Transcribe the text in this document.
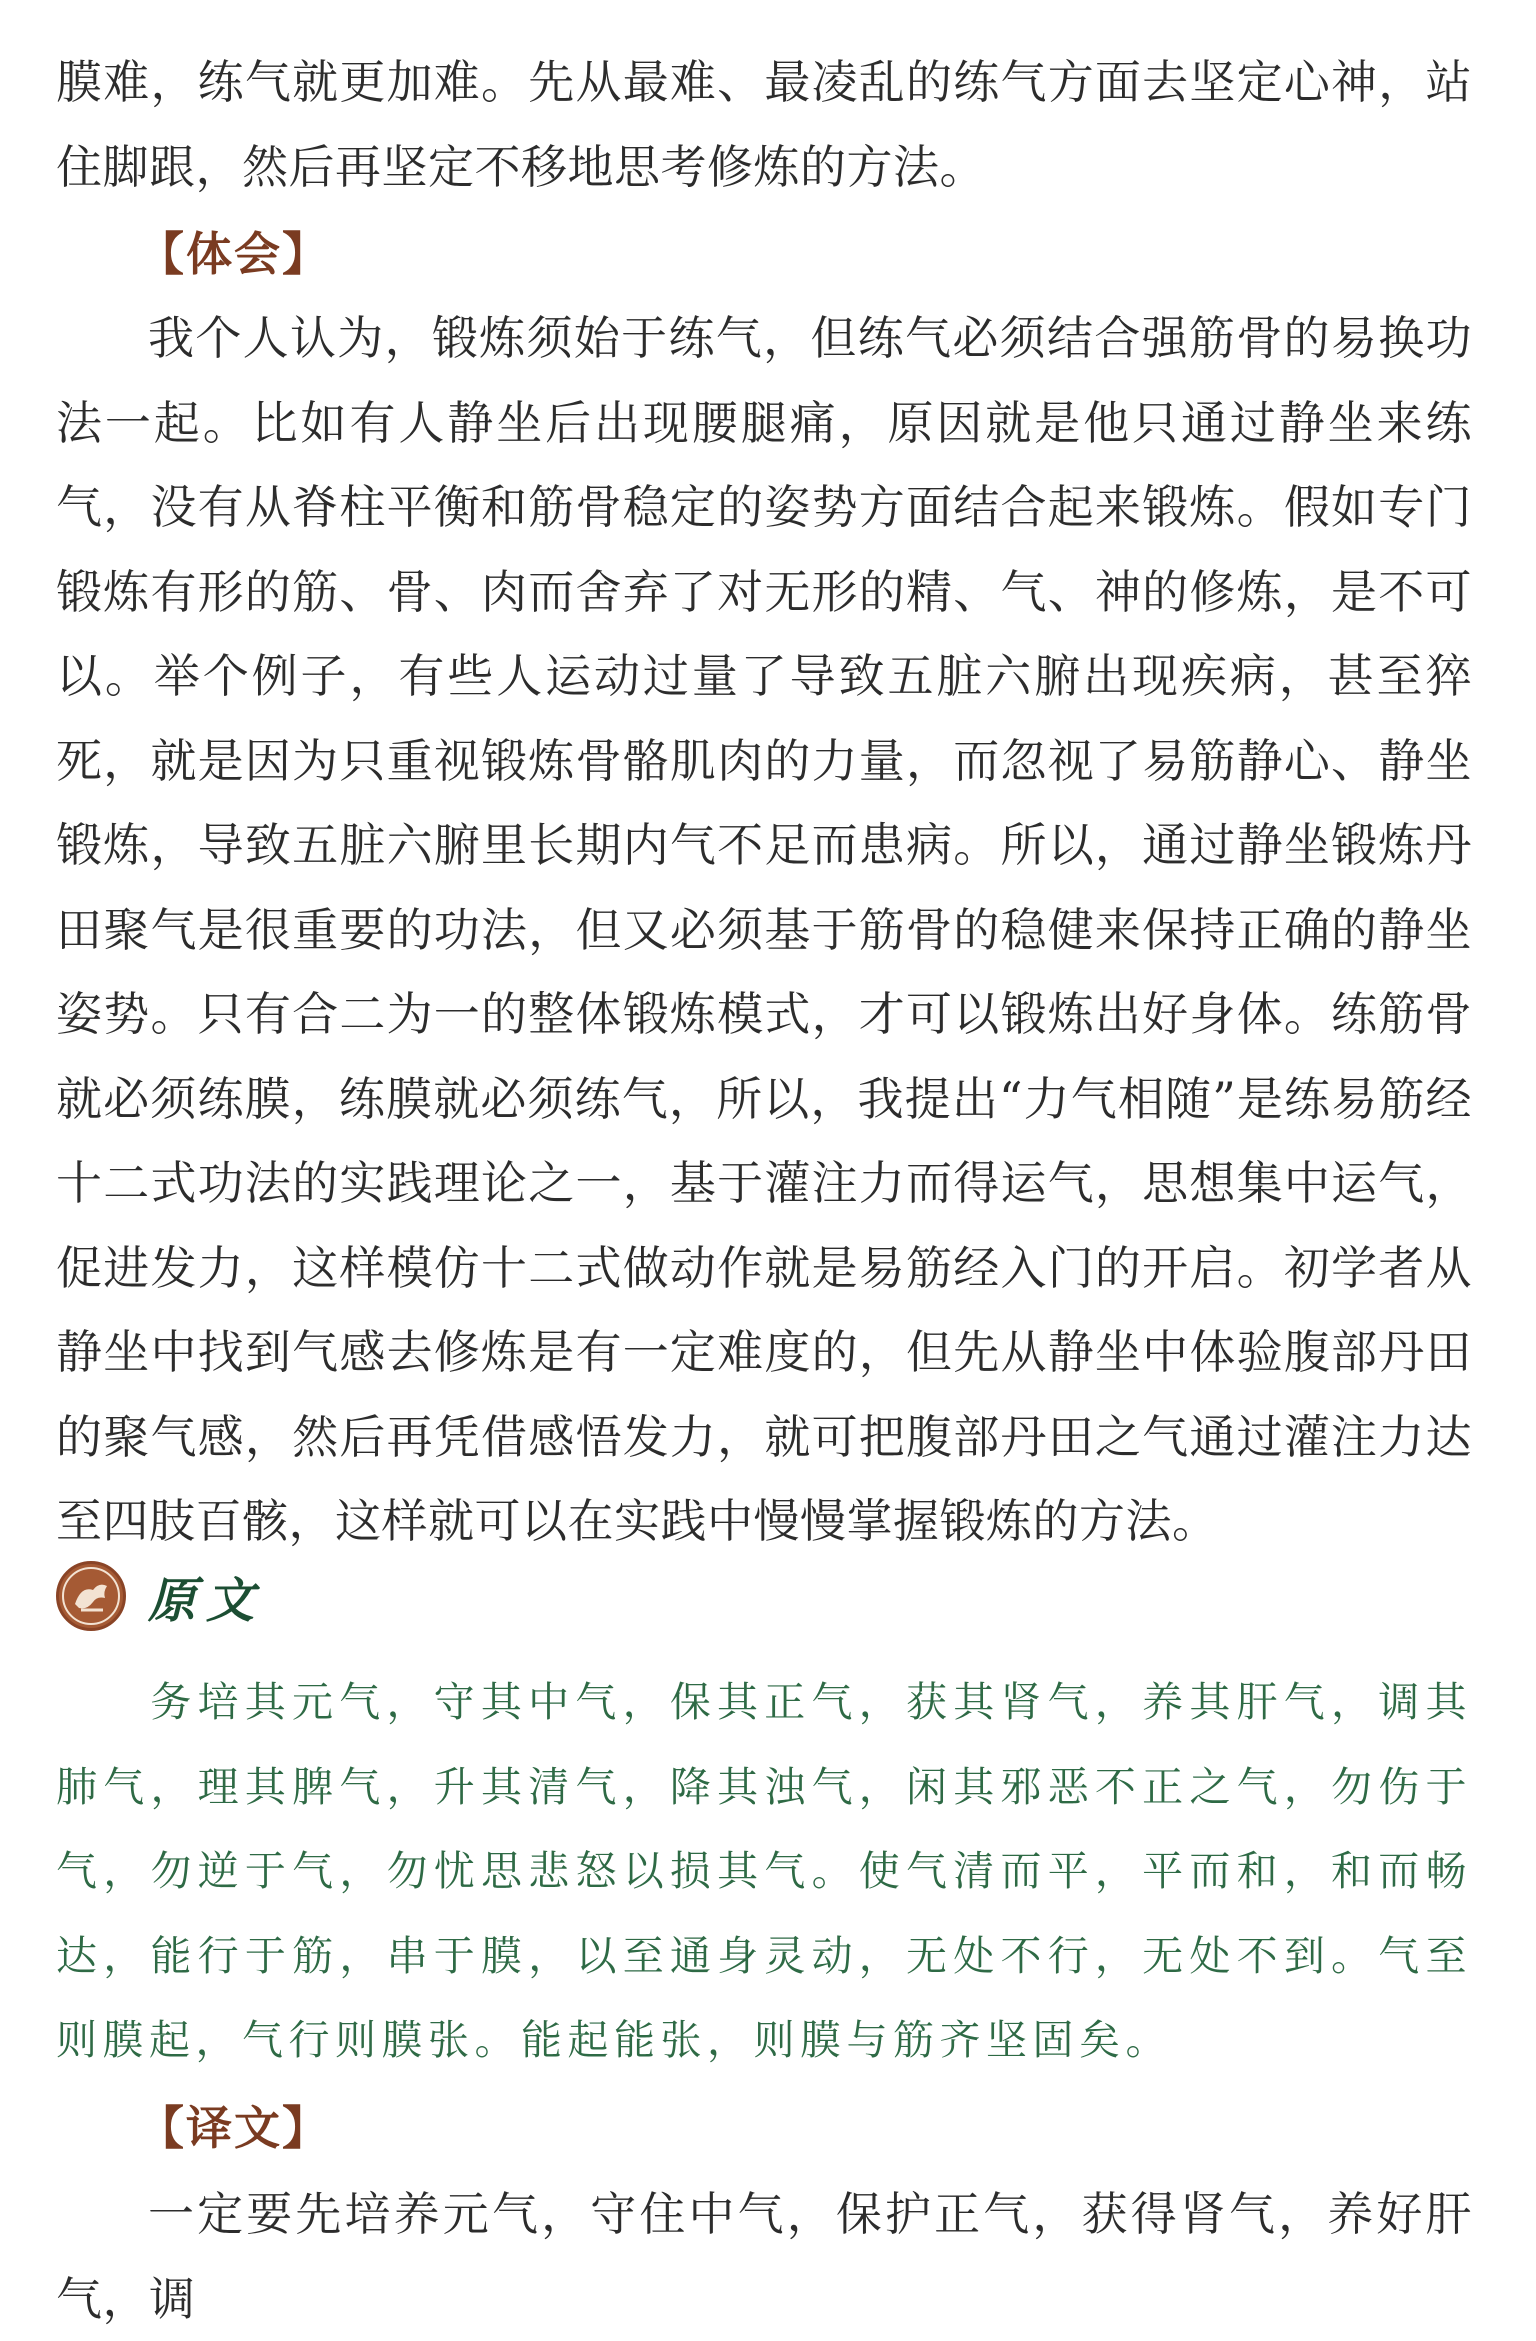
膜难，练气就更加难。先从最难、最凌乱的练气方面去坚定心神，站住脚跟，然后再坚定不移地思考修炼的方法。

【体会】

我个人认为，锻炼须始于练气，但练气必须结合强筋骨的易换功法一起。比如有人静坐后出现腰腿痛，原因就是他只通过静坐来练气，没有从脊柱平衡和筋骨稳定的姿势方面结合起来锻炼。假如专门锻炼有形的筋、骨、肉而舍弃了对无形的精、气、神的修炼，是不可以。举个例子，有些人运动过量了导致五脏六腑出现疾病，甚至猝死，就是因为只重视锻炼骨骼肌肉的力量，而忽视了易筋静心、静坐锻炼，导致五脏六腑里长期内气不足而患病。所以，通过静坐锻炼丹田聚气是很重要的功法，但又必须基于筋骨的稳健来保持正确的静坐姿势。只有合二为一的整体锻炼模式，才可以锻炼出好身体。练筋骨就必须练膜，练膜就必须练气，所以，我提出“力气相随”是练易筋经十二式功法的实践理论之一，基于灌注力而得运气，思想集中运气，促进发力，这样模仿十二式做动作就是易筋经入门的开启。初学者从静坐中找到气感去修炼是有一定难度的，但先从静坐中体验腹部丹田的聚气感，然后再凭借感悟发力，就可把腹部丹田之气通过灌注力达至四肢百骸，这样就可以在实践中慢慢掌握锻炼的方法。

原文

务培其元气，守其中气，保其正气，获其肾气，养其肝气，调其肺气，理其脾气，升其清气，降其浊气，闲其邪恶不正之气，勿伤于气，勿逆于气，勿忧思悲怒以损其气。使气清而平，平而和，和而畅达，能行于筋，串于膜，以至通身灵动，无处不行，无处不到。气至则膜起，气行则膜张。能起能张，则膜与筋齐坚固矣。

【译文】

一定要先培养元气，守住中气，保护正气，获得肾气，养好肝气，调
